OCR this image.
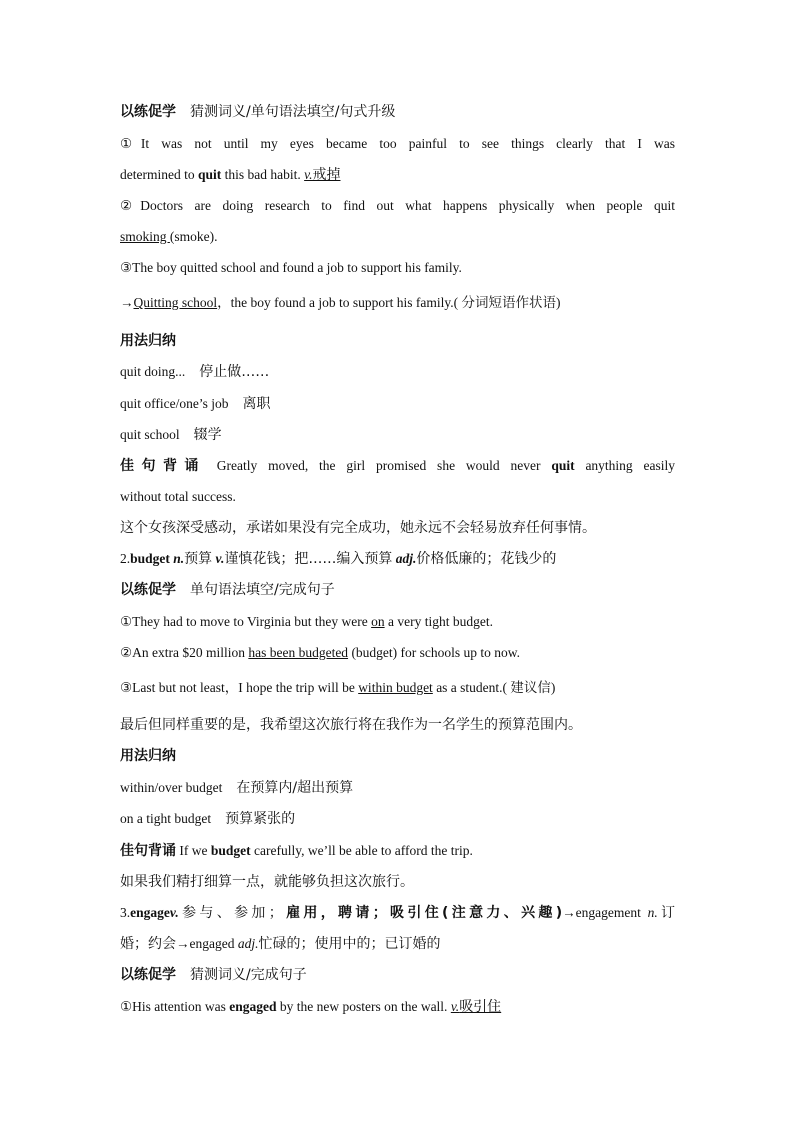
以练促学 猜测词义/单句语法填空/句式升级
①It was not until my eyes became too painful to see things clearly that I was
determined to quit this bad habit. v.戒掉
②Doctors are doing research to find out what happens physically when people quit
smoking (smoke).
③The boy quitted school and found a job to support his family.
→Quitting school，the boy found a job to support his family.( 分词短语作状语)
用法归纳
quit doing... 停止做……
quit office/one’s job 离职
quit school 辍学
佳句背诵 Greatly moved, the girl promised she would never quit anything easily
without total success.
这个女孩深受感动，承诺如果没有完全成功，她永远不会轻易放弃任何事情。
2.budget n.预算 v.谨慎花钱；把……编入预算 adj.价格低廉的；花钱少的
以练促学 单句语法填空/完成句子
①They had to move to Virginia but they were on a very tight budget.
②An extra $20 million has been budgeted (budget) for schools up to now.
③Last but not least，I hope the trip will be within budget as a student.( 建议信)
最后但同样重要的是，我希望这次旅行将在我作为一名学生的预算范围内。
用法归纳
within/over budget 在预算内/超出预算
on a tight budget 预算紧张的
佳句背诵 If we budget carefully, we’ll be able to afford the trip.
如果我们精打细算一点，就能够负担这次旅行。
3.engagev.参与、参加；雇用，聘请；吸引住(注意力、兴趣)→engagement n.订
婚；约会→engaged adj.忙碌的；使用中的；已订婚的
以练促学 猜测词义/完成句子
①His attention was engaged by the new posters on the wall. v.吸引住
